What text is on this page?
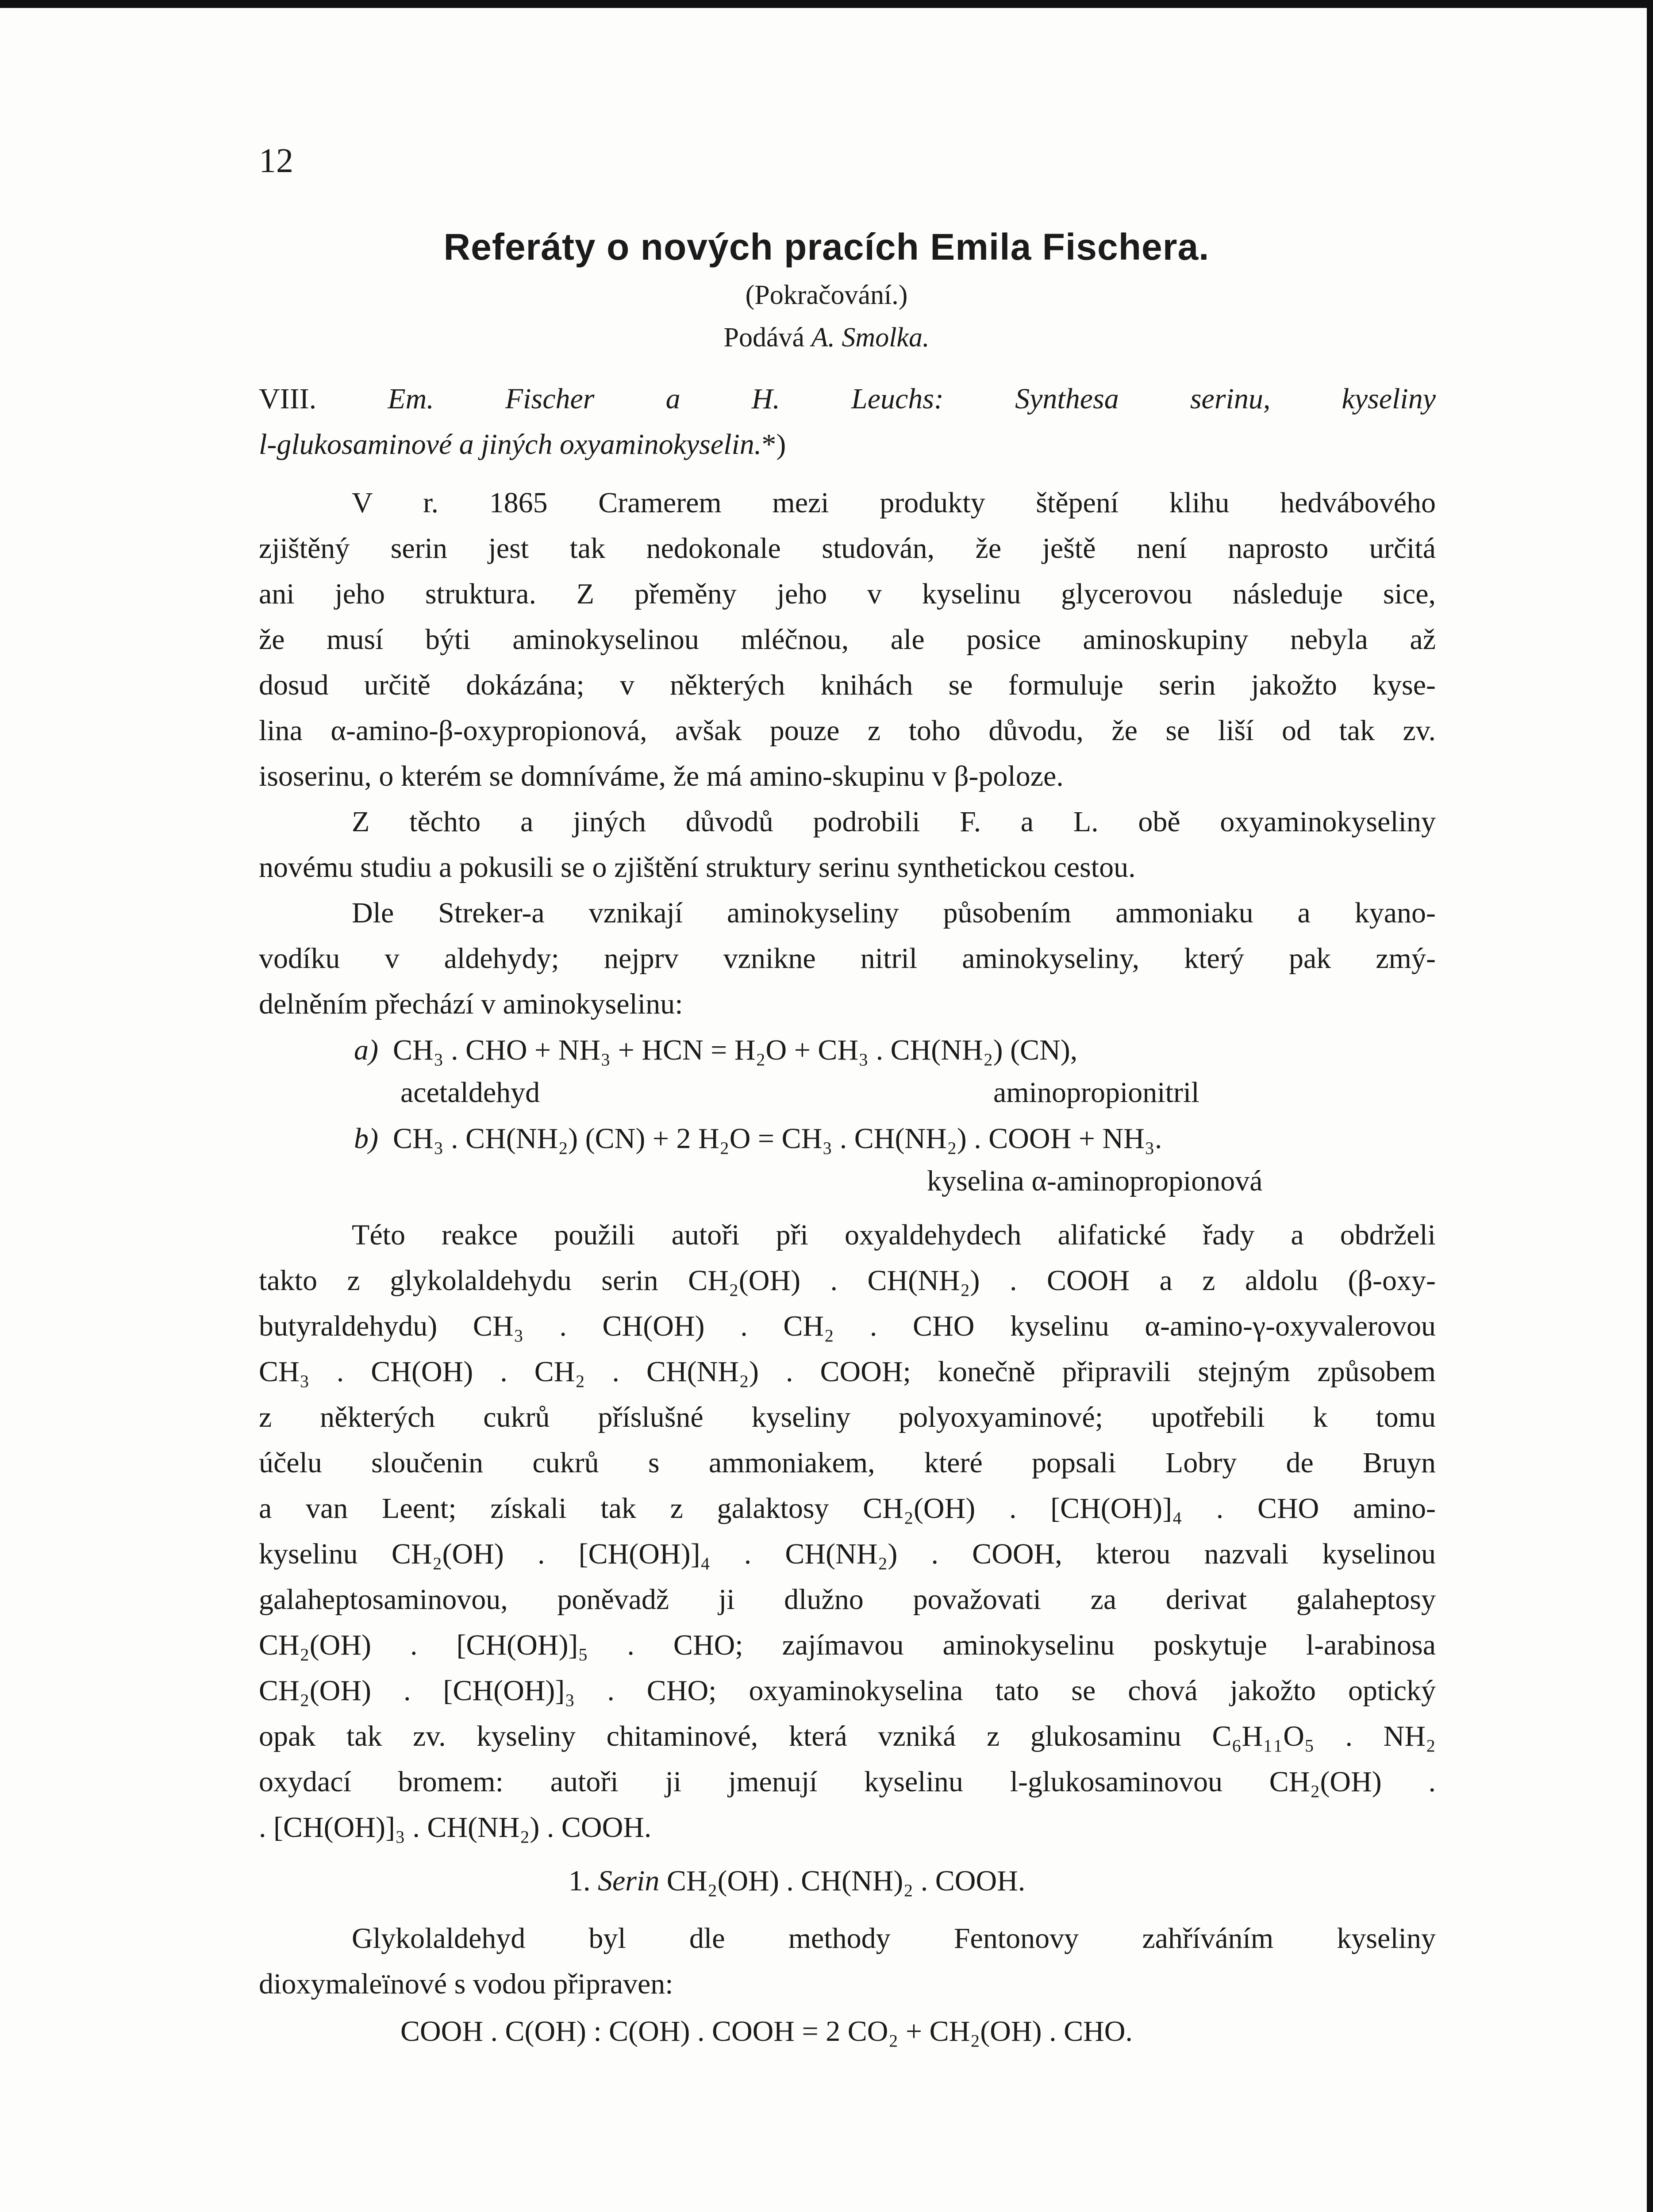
12
Referáty o nových pracích Emila Fischera.
(Pokračování.)
Podává A. Smolka.
VIII. Em. Fischer a H. Leuchs: Synthesa serinu, kyseliny
l-glukosaminové a jiných oxyaminokyselin.*)
V r. 1865 Cramerem mezi produkty štěpení klihu hedvábového
zjištěný serin jest tak nedokonale studován, že ještě není naprosto určitá
ani jeho struktura. Z přeměny jeho v kyselinu glycerovou následuje sice,
že musí býti aminokyselinou mléčnou, ale posice aminoskupiny nebyla až
dosud určitě dokázána; v některých knihách se formuluje serin jakožto kyse-
lina α-amino-β-oxypropionová, avšak pouze z toho důvodu, že se liší od tak zv.
isoserinu, o kterém se domníváme, že má amino-skupinu v β-poloze.
Z těchto a jiných důvodů podrobili F. a L. obě oxyaminokyseliny
novému studiu a pokusili se o zjištění struktury serinu synthetickou cestou.
Dle Streker-a vznikají aminokyseliny působením ammoniaku a kyano-
vodíku v aldehydy; nejprv vznikne nitril aminokyseliny, který pak zmý-
delněním přechází v aminokyselinu:
a) CH₃ . CHO + NH₃ + HCN = H₂O + CH₃ . CH(NH₂) (CN),
acetaldehyd	aminopropionitril
b) CH₃ . CH(NH₂) (CN) + 2 H₂O = CH₃ . CH(NH₂) . COOH + NH₃.
kyselina α-aminopropionová
Této reakce použili autoři při oxyaldehydech alifatické řady a obdrželi
takto z glykolaldehydu serin CH₂(OH) . CH(NH₂) . COOH a z aldolu (β-oxy-
butyraldehydu) CH₃ . CH(OH) . CH₂ . CHO kyselinu α-amino-γ-oxyvalerovou
CH₃ . CH(OH) . CH₂ . CH(NH₂) . COOH; konečně připravili stejným způsobem
z některých cukrů příslušné kyseliny polyoxyaminové; upotřebili k tomu
účelu sloučenin cukrů s ammoniakem, které popsali Lobry de Bruyn
a van Leent; získali tak z galaktosy CH₂(OH) . [CH(OH)]₄ . CHO amino-
kyselinu CH₂(OH) . [CH(OH)]₄ . CH(NH₂) . COOH, kterou nazvali kyselinou
galaheptosaminovou, poněvadž ji dlužno považovati za derivat galaheptosy
CH₂(OH) . [CH(OH)]₅ . CHO; zajímavou aminokyselinu poskytuje l-arabinosa
CH₂(OH) . [CH(OH)]₃ . CHO; oxyaminokyselina tato se chová jakožto optický
opak tak zv. kyseliny chitaminové, která vzniká z glukosaminu C₆H₁₁O₅ . NH₂
oxydací bromem: autoři ji jmenují kyselinu l-glukosaminovou CH₂(OH) .
. [CH(OH)]₃ . CH(NH₂) . COOH.
1. Serin CH₂(OH) . CH(NH)₂ . COOH.
Glykolaldehyd byl dle methody Fentonovy zahříváním kyseliny
dioxymaleïnové s vodou připraven:
COOH . C(OH) : C(OH) . COOH = 2 CO₂ + CH₂(OH) . CHO.
